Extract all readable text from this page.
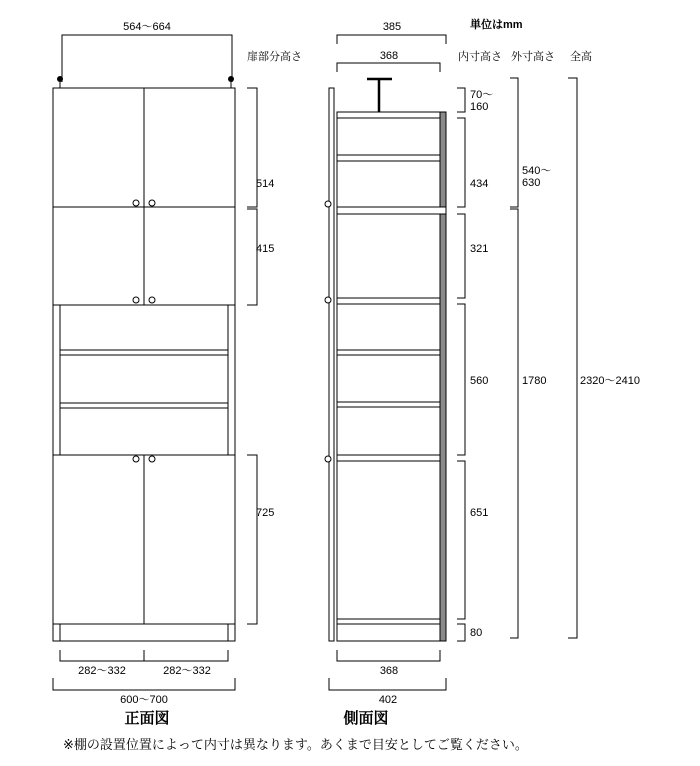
単位はmm
扉部分高さ	内寸高さ 外寸高さ 全高
564〜664
514
415
725
282〜332	282〜332
600〜700
正面図
385
368
70〜
160
434
321
560
651
80
540〜
630
1780	2320〜2410
368
402
側面図
※棚の設置位置によって内寸は異なります。あくまで目安としてご覧ください。
